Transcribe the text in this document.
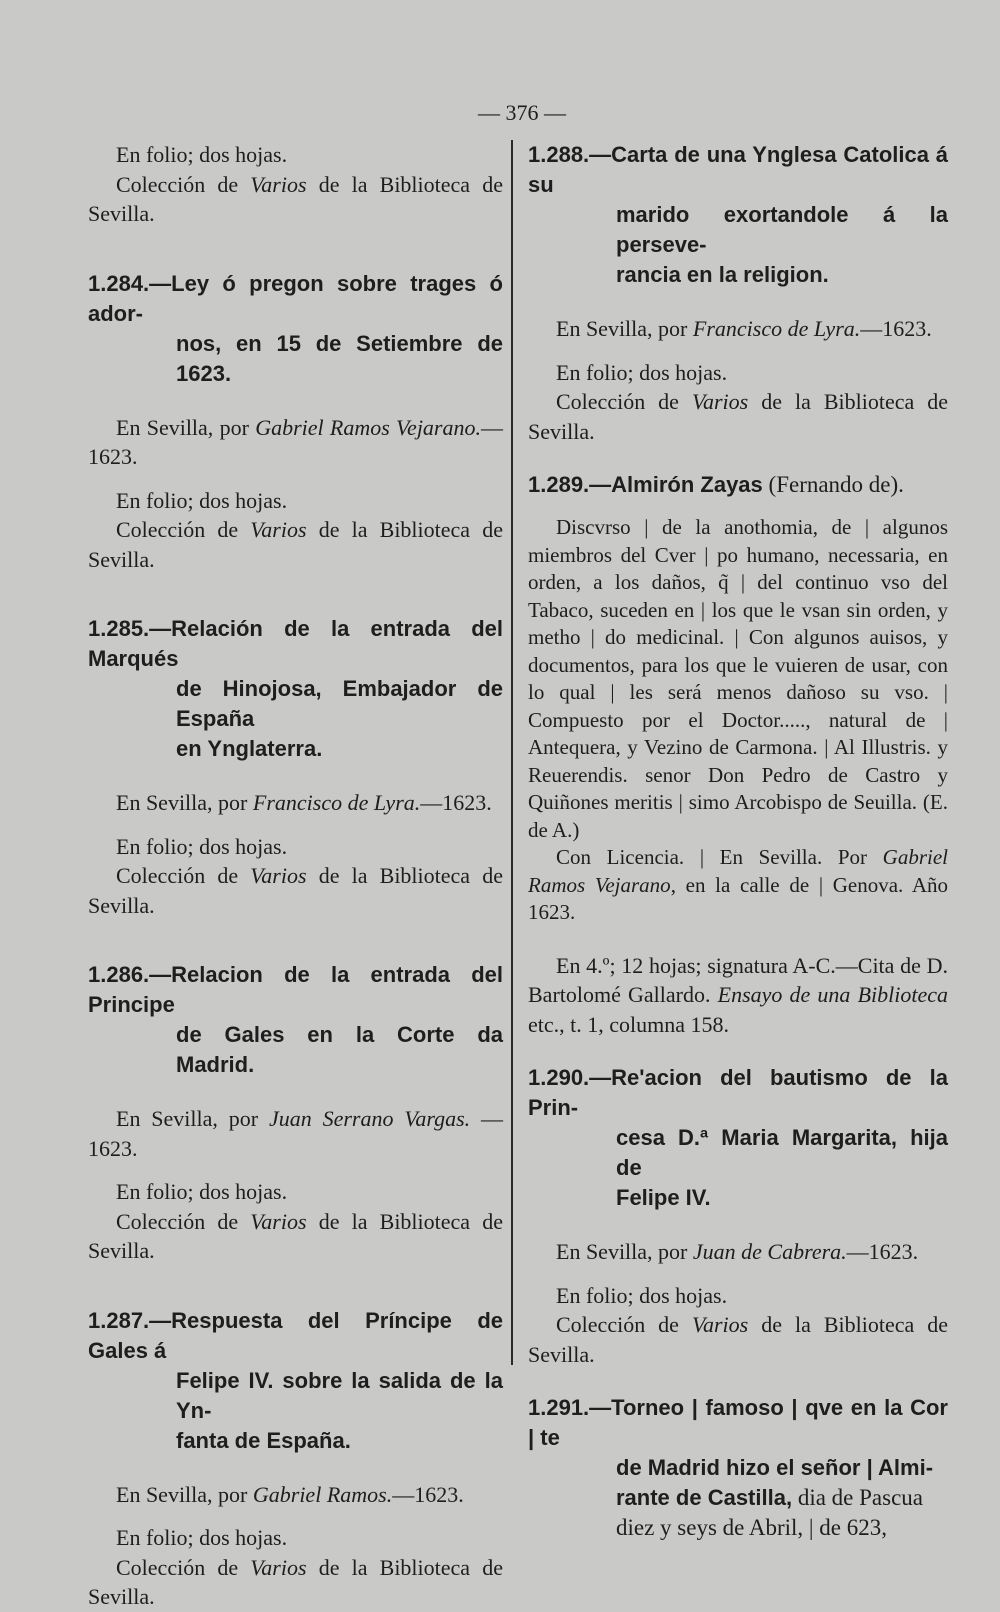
— 376 —

En folio; dos hojas.

Colección de Varios de la Biblioteca de Sevilla.

1.284.—Ley ó pregon sobre trages ó ador-
nos, en 15 de Setiembre de 1623.

En Sevilla, por Gabriel Ramos Vejarano.— 1623.

En folio; dos hojas.

Colección de Varios de la Biblioteca de Sevilla.

1.285.—Relación de la entrada del Marqués
de Hinojosa, Embajador de España
en Ynglaterra.

En Sevilla, por Francisco de Lyra.—1623.

En folio; dos hojas.

Colección de Varios de la Biblioteca de Sevilla.

1.286.—Relacion de la entrada del Principe
de Gales en la Corte da Madrid.

En Sevilla, por Juan Serrano Vargas. — 1623.

En folio; dos hojas.

Colección de Varios de la Biblioteca de Sevilla.

1.287.—Respuesta del Príncipe de Gales á
Felipe IV. sobre la salida de la Yn-
fanta de España.

En Sevilla, por Gabriel Ramos.—1623.

En folio; dos hojas.

Colección de Varios de la Biblioteca de Sevilla.

1.288.—Carta de una Ynglesa Catolica á su
marido exortandole á la perseve-
rancia en la religion.

En Sevilla, por Francisco de Lyra.—1623.

En folio; dos hojas.

Colección de Varios de la Biblioteca de Sevilla.

1.289.—Almirón Zayas (Fernando de).

Discvrso | de la anothomia, de | algunos miembros del Cver | po humano, necessaria, en orden, a los daños, q̃ | del continuo vso del Tabaco, suceden en | los que le vsan sin orden, y metho | do medicinal. | Con algunos auisos, y documentos, para los que le vuieren de usar, con lo qual | les será menos dañoso su vso. | Compuesto por el Doctor....., natural de | Antequera, y Vezino de Carmona. | Al Illustris. y Reuerendis. senor Don Pedro de Castro y Quiñones meritis | simo Arcobispo de Seuilla. (E. de A.)

Con Licencia. | En Sevilla. Por Gabriel Ramos Vejarano, en la calle de | Genova. Año 1623.

En 4.º; 12 hojas; signatura A-C.—Cita de D. Bartolomé Gallardo. Ensayo de una Biblioteca etc., t. 1, columna 158.

1.290.—Re'acion del bautismo de la Prin-
cesa D.ª Maria Margarita, hija de
Felipe IV.

En Sevilla, por Juan de Cabrera.—1623.

En folio; dos hojas.

Colección de Varios de la Biblioteca de Sevilla.

1.291.—Torneo | famoso | qve en la Cor | te
de Madrid hizo el señor | Almi-
rante de Castilla, dia de Pascua
diez y seys de Abril, | de 623,
